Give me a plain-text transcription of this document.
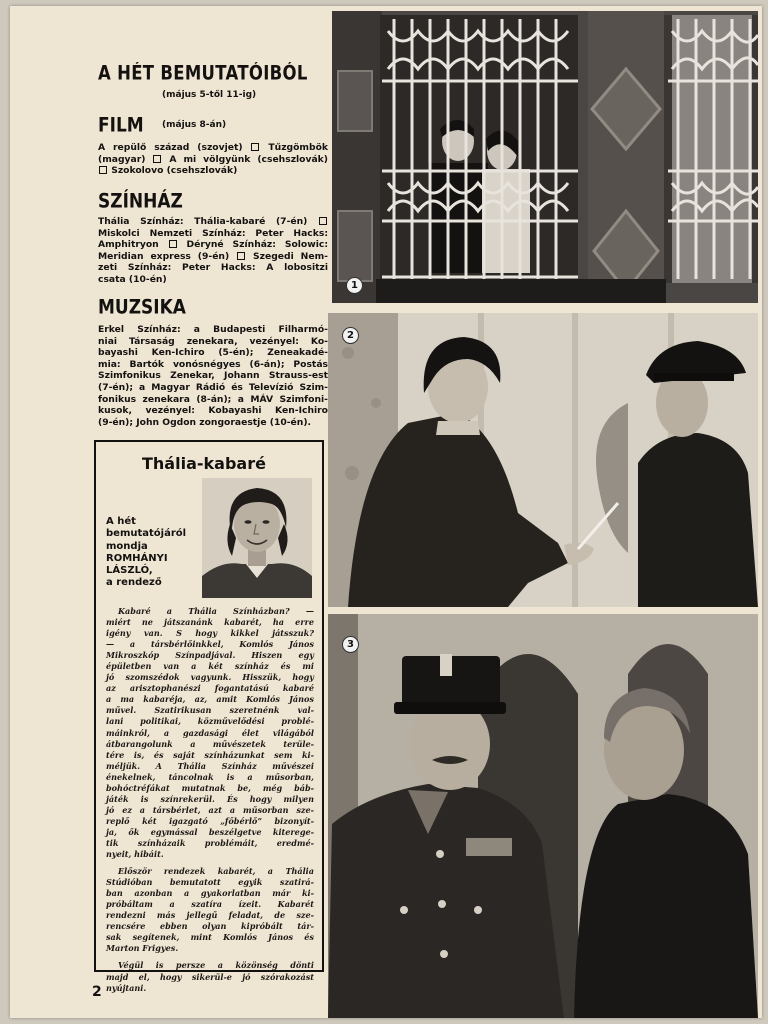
A HÉT BEMUTATÓIBÓL
(május 5-től 11-ig)
FILM (május 8-án)
A repülő század (szovjet)  Tűzgömbök
(magyar)  A mi völgyünk (csehszlovák)
Szokolovo (csehszlovák)
SZÍNHÁZ
Thália Színház: Thália-kabaré (7-én)
Miskolci Nemzeti Színház: Peter Hacks:
Amphitryon  Déryné Színház: Solowic:
Meridian express (9-én)  Szegedi Nem-
zeti Színház: Peter Hacks: A lobositzi
csata (10-én)
MUZSIKA
Erkel Színház: a Budapesti Filharmó-
niai Társaság zenekara, vezényel: Ko-
bayashi Ken-Ichiro (5-én); Zeneakadé-
mia: Bartók vonósnégyes (6-án); Postás
Szimfonikus Zenekar, Johann Strauss-est
(7-én); a Magyar Rádió és Televízió Szim-
fonikus zenekara (8-án); a MÁV Szimfoni-
kusok, vezényel: Kobayashi Ken-Ichiro
(9-én); John Ogdon zongoraestje (10-én).
Thália-kabaré
A hét
bemutatójáról
mondja
ROMHÁNYI
LÁSZLÓ,
a rendező
Kabaré a Thália Színházban? —
miért ne játszanánk kabarét, ha erre
igény van. S hogy kikkel játsszuk?
— a társbérlőinkkel, Komlós János
Mikroszkóp Színpadjával. Hiszen egy
épületben van a két színház és mi
jó szomszédok vagyunk. Hisszük, hogy
az arisztophanészi fogantatású kabaré
a ma kabaréja, az, amit Komlós János
művel. Szatirikusan szeretnénk val-
lani politikai, közművelődési problé-
máinkról, a gazdasági élet világából
átbarangolunk a művészetek terüle-
tére is, és saját színházunkat sem ki-
méljük. A Thália Színház művészei
énekelnek, táncolnak is a műsorban,
bohóctréfákat mutatnak be, még báb-
játék is színrekerül. És hogy milyen
jó ez a társbérlet, azt a műsorban sze-
replő két igazgató „főbérlő” bizonyít-
ja, ők egymással beszélgetve kiterege-
tik színházaik problémáit, eredmé-
nyeit, hibáit.
Először rendezek kabarét, a Thália
Stúdióban bemutatott egyik szatirá-
ban azonban a gyakorlatban már ki-
próbáltam a szatíra ízeit. Kabarét
rendezni más jellegű feladat, de sze-
rencsére ebben olyan kipróbált tár-
sak segítenek, mint Komlós János és
Marton Frigyes.
Végül is persze a közönség dönti
majd el, hogy sikerül-e jó szórakozást
nyújtani.
2
1
2
3
